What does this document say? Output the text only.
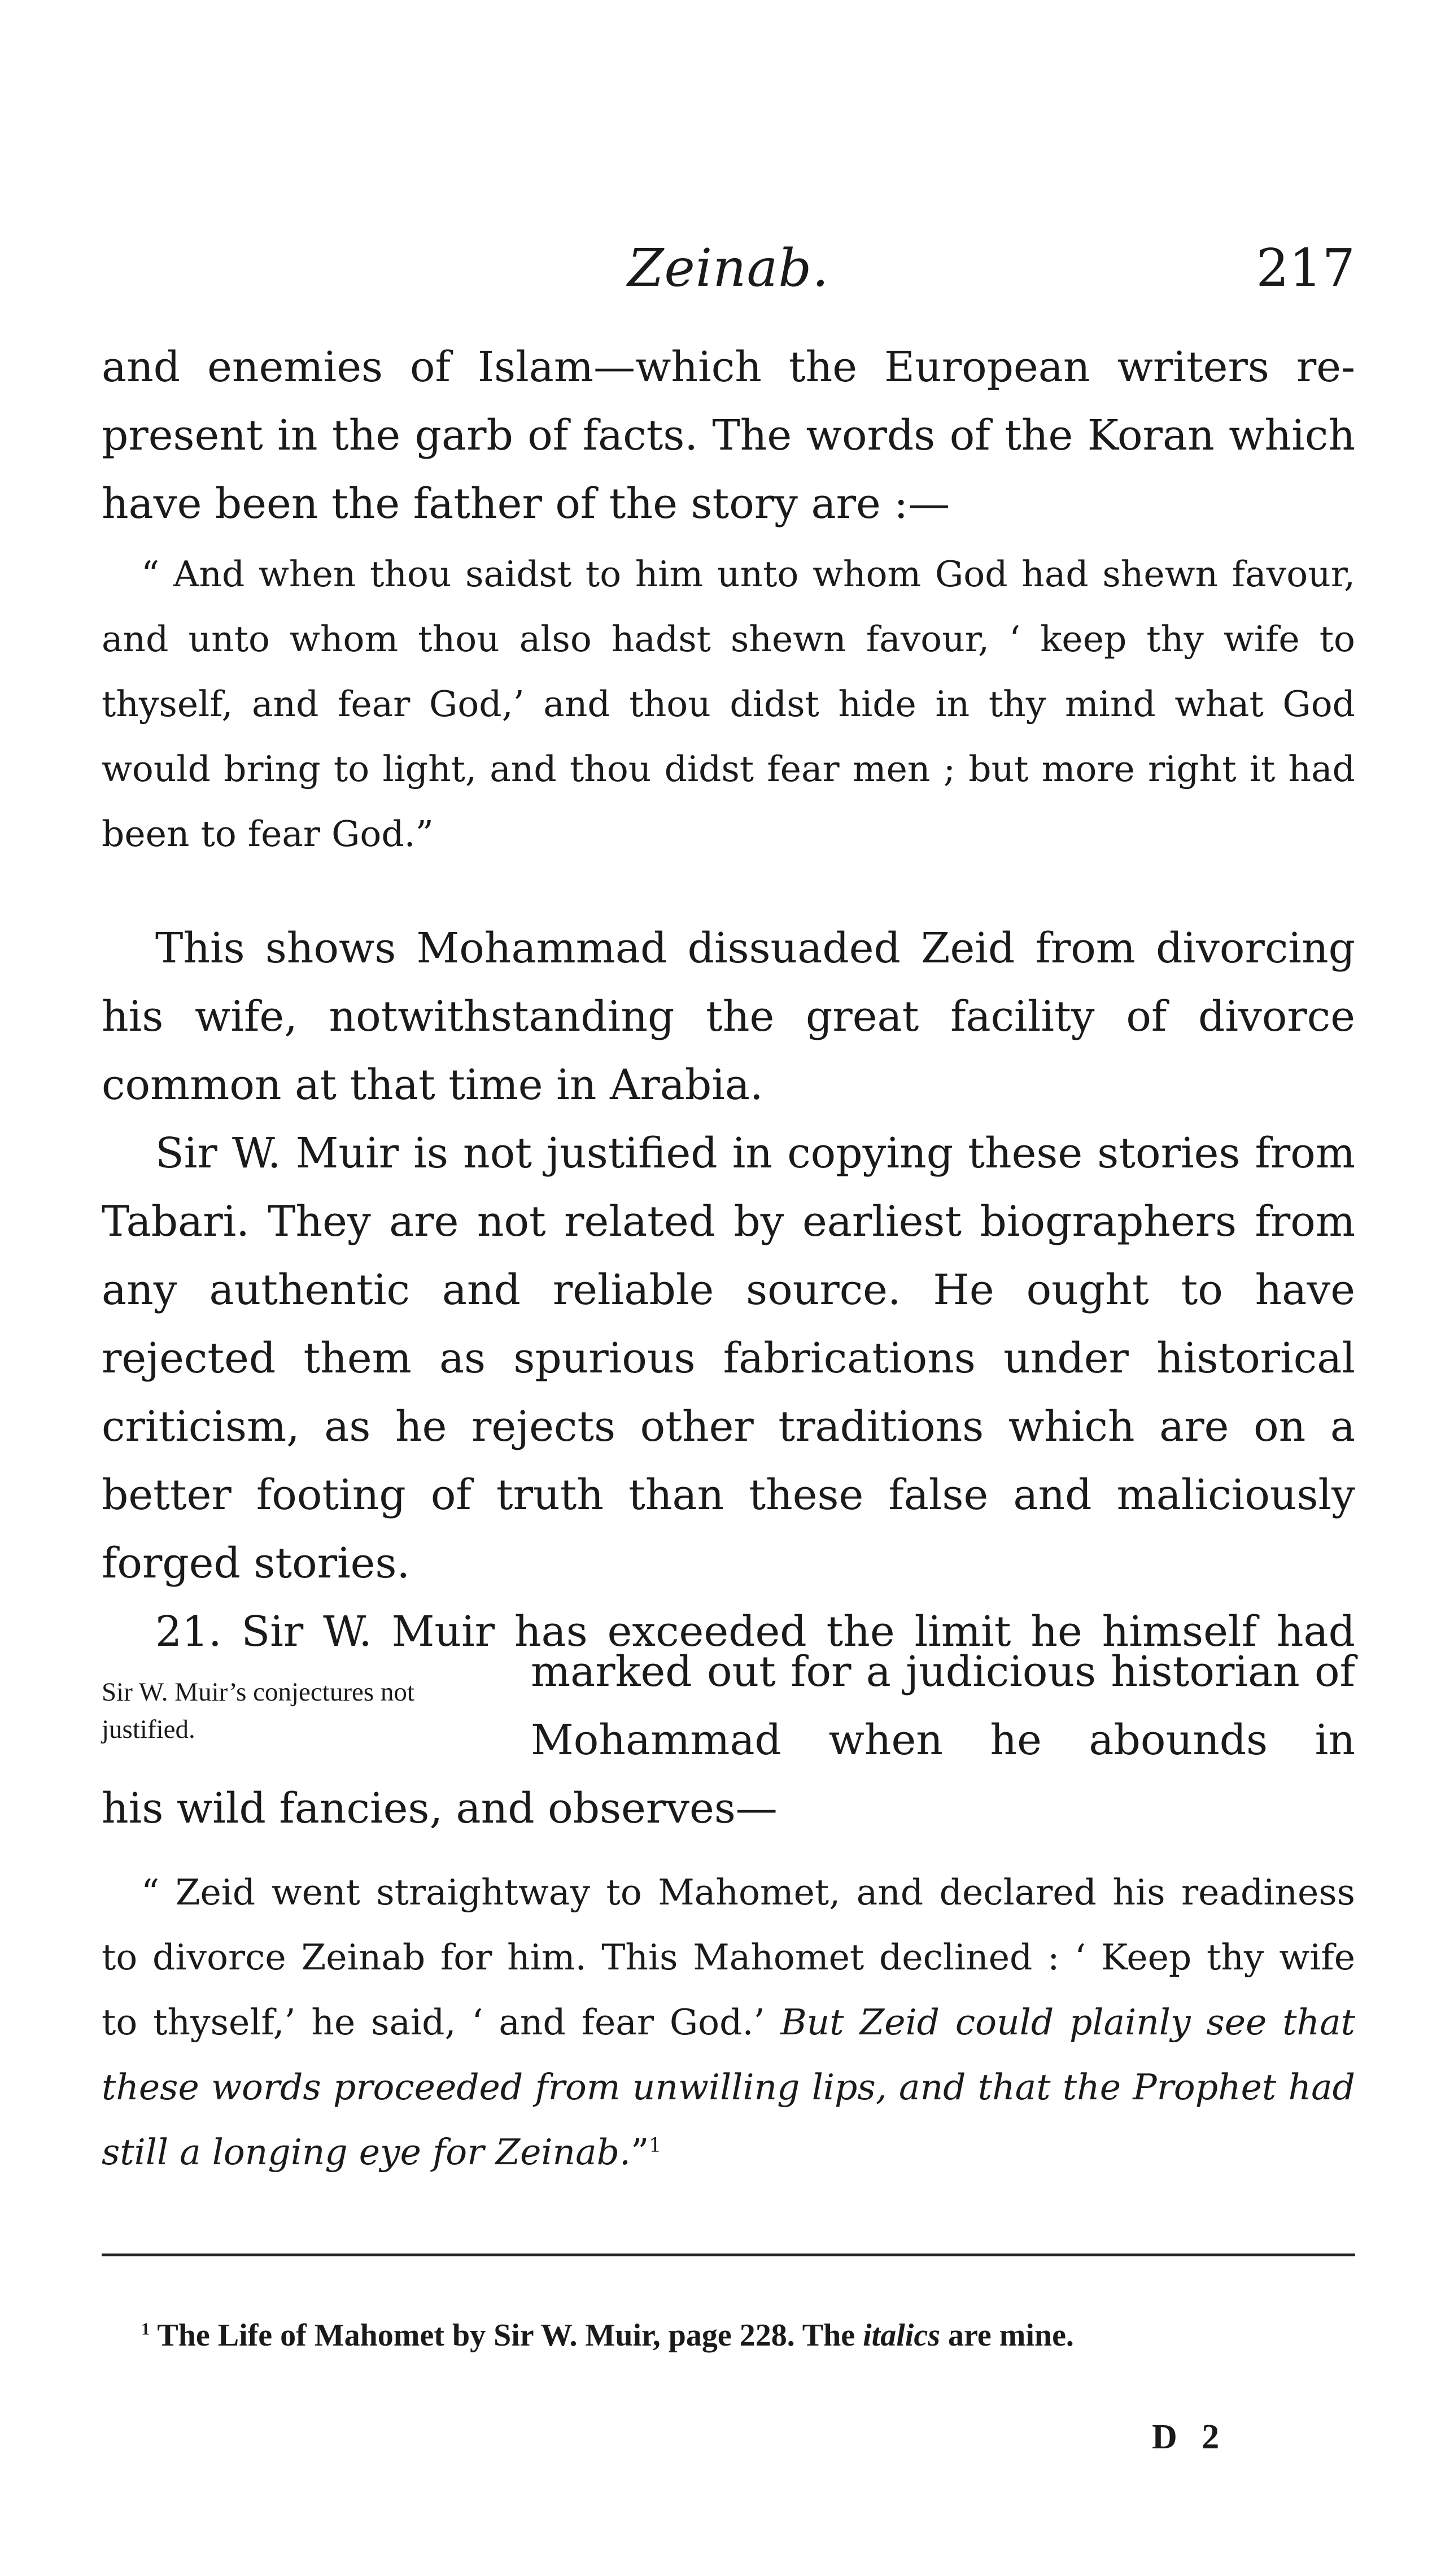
Zeinab.	217

and enemies of Islam—which the European writers re-present in the garb of facts. The words of the Koran which have been the father of the story are :—

“ And when thou saidst to him unto whom God had shewn favour, and unto whom thou also hadst shewn favour, ‘ keep thy wife to thyself, and fear God,’ and thou didst hide in thy mind what God would bring to light, and thou didst fear men ; but more right it had been to fear God.”

This shows Mohammad dissuaded Zeid from divorcing his wife, notwithstanding the great facility of divorce common at that time in Arabia.

Sir W. Muir is not justified in copying these stories from Tabari. They are not related by earliest biographers from any authentic and reliable source. He ought to have rejected them as spurious fabrications under historical criticism, as he rejects other traditions which are on a better footing of truth than these false and maliciously forged stories.

21. Sir W. Muir has exceeded the limit he himself had

Sir W. Muir’s conjectures not justified.
marked out for a judicious historian of Mohammad when he abounds in

his wild fancies, and observes—

“ Zeid went straightway to Mahomet, and declared his readiness to divorce Zeinab for him. This Mahomet declined : ‘ Keep thy wife to thyself,’ he said, ‘ and fear God.’ But Zeid could plainly see that these words proceeded from unwilling lips, and that the Prophet had still a longing eye for Zeinab.”$^1$

$^1$ The Life of Mahomet by Sir W. Muir, page 228. The italics are mine.

D 2
